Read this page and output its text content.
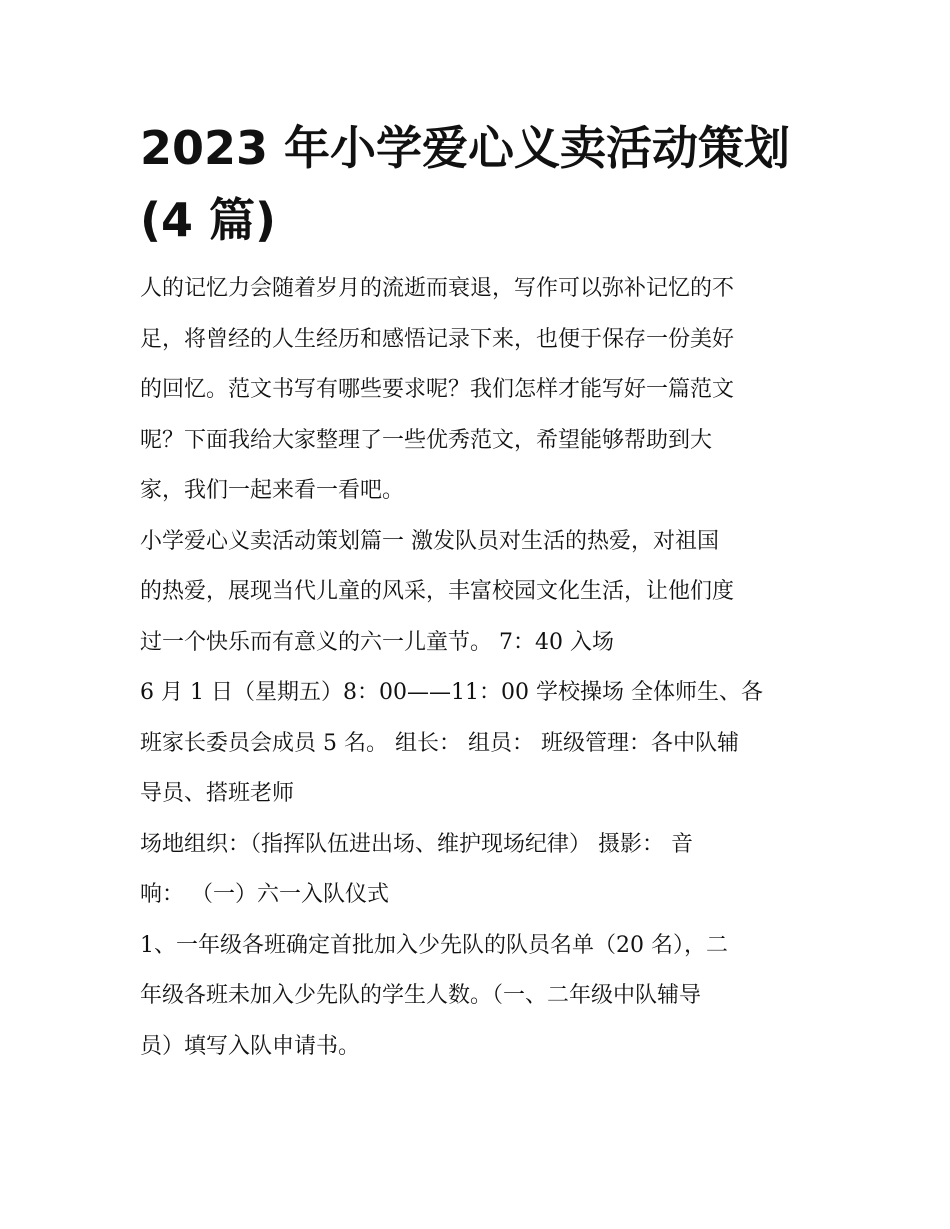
2023 年小学爱心义卖活动策划
(4 篇)

人的记忆力会随着岁月的流逝而衰退，写作可以弥补记忆的不
足，将曾经的人生经历和感悟记录下来，也便于保存一份美好
的回忆。范文书写有哪些要求呢？我们怎样才能写好一篇范文
呢？下面我给大家整理了一些优秀范文，希望能够帮助到大
家，我们一起来看一看吧。

小学爱心义卖活动策划篇一 激发队员对生活的热爱，对祖国
的热爱，展现当代儿童的风采，丰富校园文化生活，让他们度
过一个快乐而有意义的六一儿童节。 7：40 入场

6 月 1 日（星期五）8：00——11：00 学校操场 全体师生、各
班家长委员会成员 5 名。 组长： 组员： 班级管理：各中队辅
导员、搭班老师

场地组织：（指挥队伍进出场、维护现场纪律） 摄影： 音
响： （一）六一入队仪式

1、一年级各班确定首批加入少先队的队员名单（20 名），二
年级各班未加入少先队的学生人数。（一、二年级中队辅导
员）填写入队申请书。
